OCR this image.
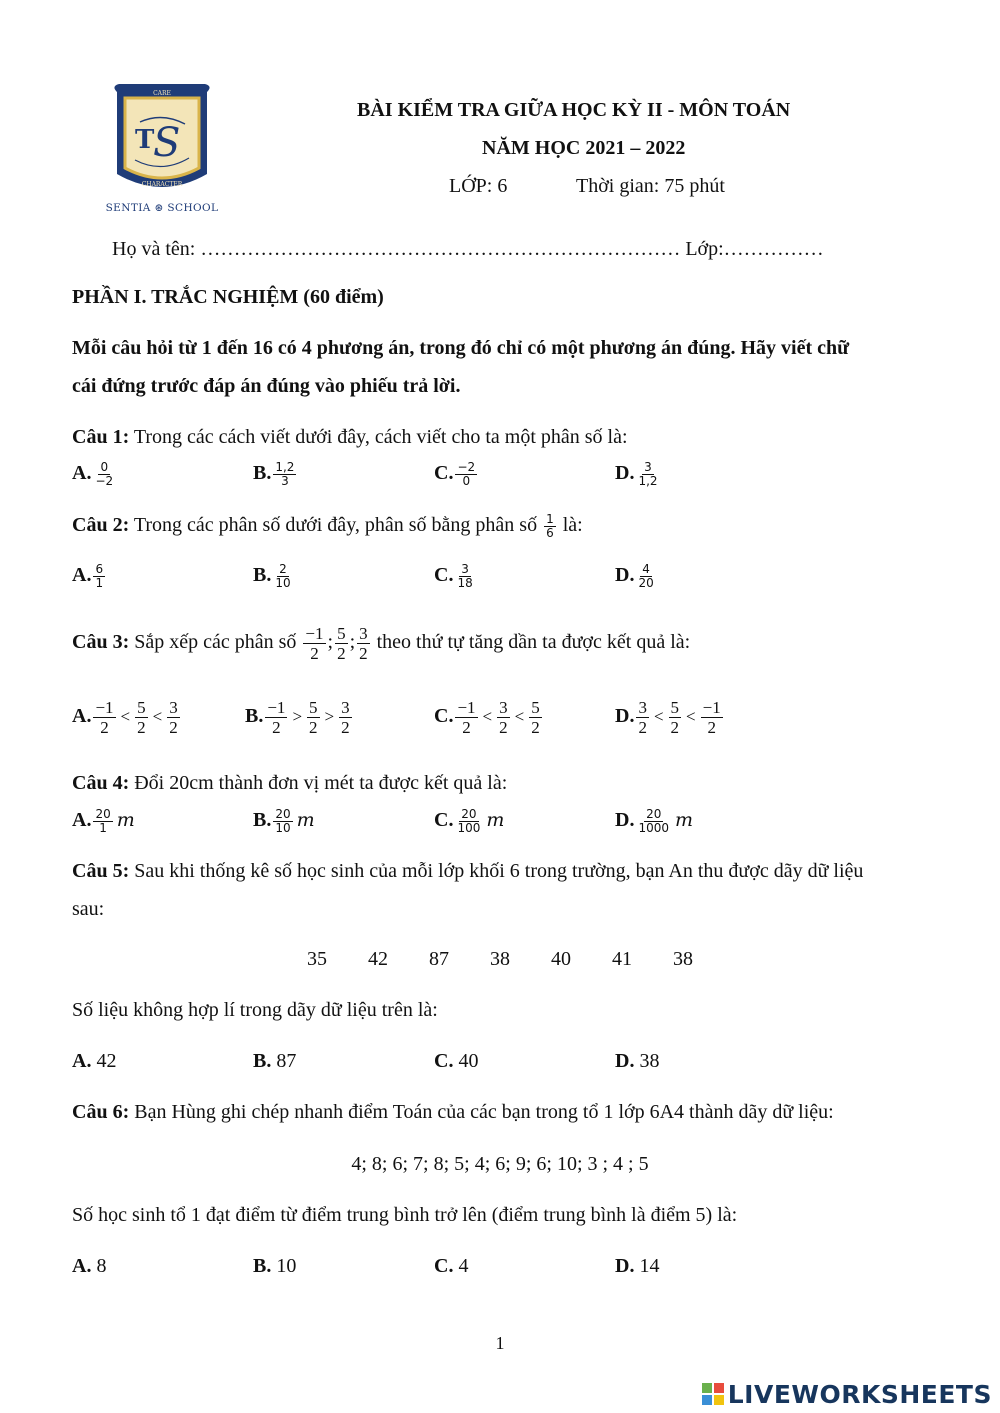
CARE
T
S
CHARACTER
SENTIA ⊛ SCHOOL
BÀI KIỂM TRA GIỮA HỌC KỲ II - MÔN TOÁN
NĂM HỌC 2021 – 2022
LỚP: 6	Thời gian: 75 phút
Họ và tên: ……………………………………………………………… Lớp:……………
PHẦN I. TRẮC NGHIỆM (60 điểm)
Mỗi câu hỏi từ 1 đến 16 có 4 phương án, trong đó chỉ có một phương án đúng. Hãy viết chữ
cái đứng trước đáp án đúng vào phiếu trả lời.
Câu 1: Trong các cách viết dưới đây, cách viết cho ta một phân số là:
A. $\frac{0}{-2}$	B. $\frac{1,2}{3}$	C. $\frac{-2}{0}$	D. $\frac{3}{1,2}$
Câu 2: Trong các phân số dưới đây, phân số bằng phân số $\frac{1}{6}$ là:
A. $\frac{6}{1}$	B. $\frac{2}{10}$	C. $\frac{3}{18}$	D. $\frac{4}{20}$
Câu 3: Sắp xếp các phân số $\frac{-1}{2}$ ; $\frac{5}{2}$ ; $\frac{3}{2}$ theo thứ tự tăng dần ta được kết quả là:
A. $\frac{-1}{2} < \frac{5}{2} < \frac{3}{2}$	B. $\frac{-1}{2} > \frac{5}{2} > \frac{3}{2}$	C. $\frac{-1}{2} < \frac{3}{2} < \frac{5}{2}$	D. $\frac{3}{2} < \frac{5}{2} < \frac{-1}{2}$
Câu 4: Đổi 20cm thành đơn vị mét ta được kết quả là:
A. $\frac{20}{1}$ m	B. $\frac{20}{10}$ m	C. $\frac{20}{100}$ m	D. $\frac{20}{1000}$ m
Câu 5: Sau khi thống kê số học sinh của mỗi lớp khối 6 trong trường, bạn An thu được dãy dữ liệu
sau:
35	42	87	38	40	41	38
Số liệu không hợp lí trong dãy dữ liệu trên là:
A. 42	B. 87	C. 40	D. 38
Câu 6: Bạn Hùng ghi chép nhanh điểm Toán của các bạn trong tổ 1 lớp 6A4 thành dãy dữ liệu:
4; 8; 6; 7; 8; 5; 4; 6; 9; 6; 10; 3 ; 4 ; 5
Số học sinh tổ 1 đạt điểm từ điểm trung bình trở lên (điểm trung bình là điểm 5) là:
A. 8	B. 10	C. 4	D. 14
1
LIVEWORKSHEETS
